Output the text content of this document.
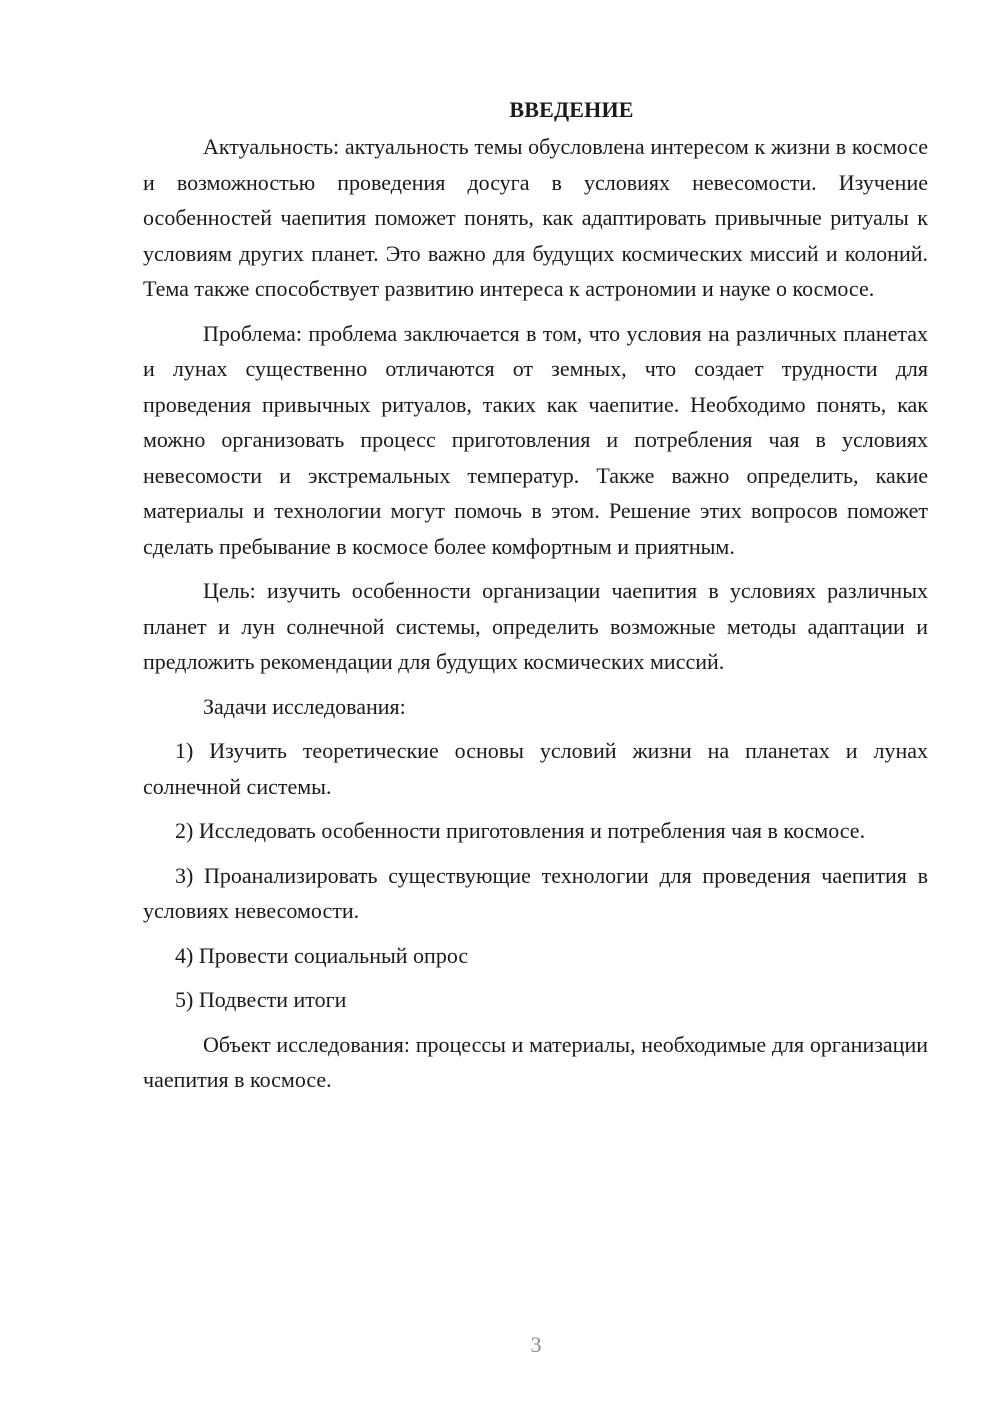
ВВЕДЕНИЕ

Актуальность: актуальность темы обусловлена интересом к жизни в космосе и возможностью проведения досуга в условиях невесомости. Изучение особенностей чаепития поможет понять, как адаптировать привычные ритуалы к условиям других планет. Это важно для будущих космических миссий и колоний. Тема также способствует развитию интереса к астрономии и науке о космосе.

Проблема: проблема заключается в том, что условия на различных планетах и лунах существенно отличаются от земных, что создает трудности для проведения привычных ритуалов, таких как чаепитие. Необходимо понять, как можно организовать процесс приготовления и потребления чая в условиях невесомости и экстремальных температур. Также важно определить, какие материалы и технологии могут помочь в этом. Решение этих вопросов поможет сделать пребывание в космосе более комфортным и приятным.

Цель: изучить особенности организации чаепития в условиях различных планет и лун солнечной системы, определить возможные методы адаптации и предложить рекомендации для будущих космических миссий.

Задачи исследования:

1) Изучить теоретические основы условий жизни на планетах и лунах солнечной системы.

2) Исследовать особенности приготовления и потребления чая в космосе.

3) Проанализировать существующие технологии для проведения чаепития в условиях невесомости.

4) Провести социальный опрос

5) Подвести итоги

Объект исследования: процессы и материалы, необходимые для организации чаепития в космосе.

3
